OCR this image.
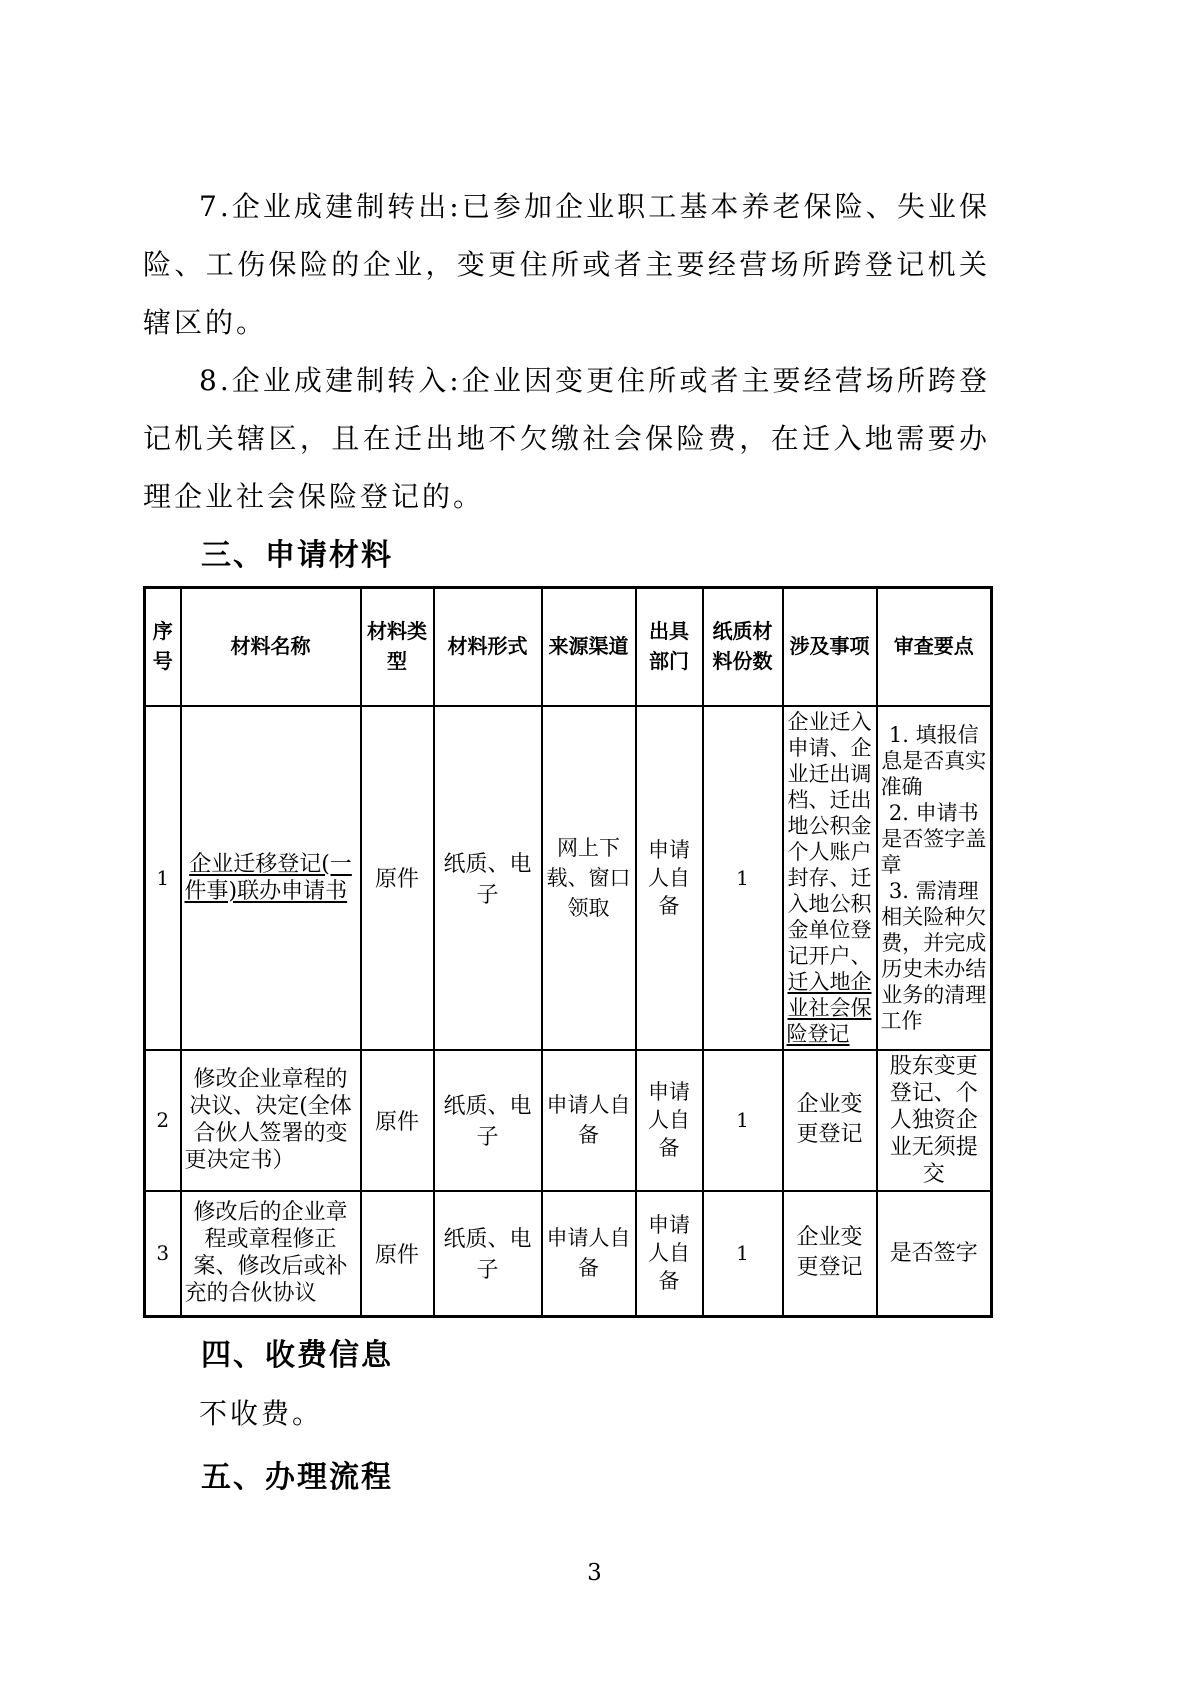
7.企业成建制转出:已参加企业职工基本养老保险、失业保险、工伤保险的企业，变更住所或者主要经营场所跨登记机关辖区的。

8.企业成建制转入:企业因变更住所或者主要经营场所跨登记机关辖区，且在迁出地不欠缴社会保险费，在迁入地需要办理企业社会保险登记的。

三、申请材料
序号	材料名称	材料类型	材料形式	来源渠道	出具部门	纸质材料份数	涉及事项	审查要点
1	企业迁移登记(一件事)联办申请书	原件	纸质、电子	网上下载、窗口领取	申请人自备	1	企业迁入申请、企业迁出调档、迁出地公积金个人账户封存、迁入地公积金单位登记开户、迁入地企业社会保险登记	1. 填报信息是否真实准确

2. 申请书是否签字盖章

3. 需清理相关险种欠费，并完成历史未办结业务的清理工作

2	修改企业章程的决议、决定(全体合伙人签署的变更决定书）	原件	纸质、电子	申请人自备	申请人自备	1	企业变更登记	股东变更登记、个人独资企业无须提交
3	修改后的企业章程或章程修正案、修改后或补充的合伙协议	原件	纸质、电子	申请人自备	申请人自备	1	企业变更登记	是否签字
四、收费信息

不收费。

五、办理流程
3
